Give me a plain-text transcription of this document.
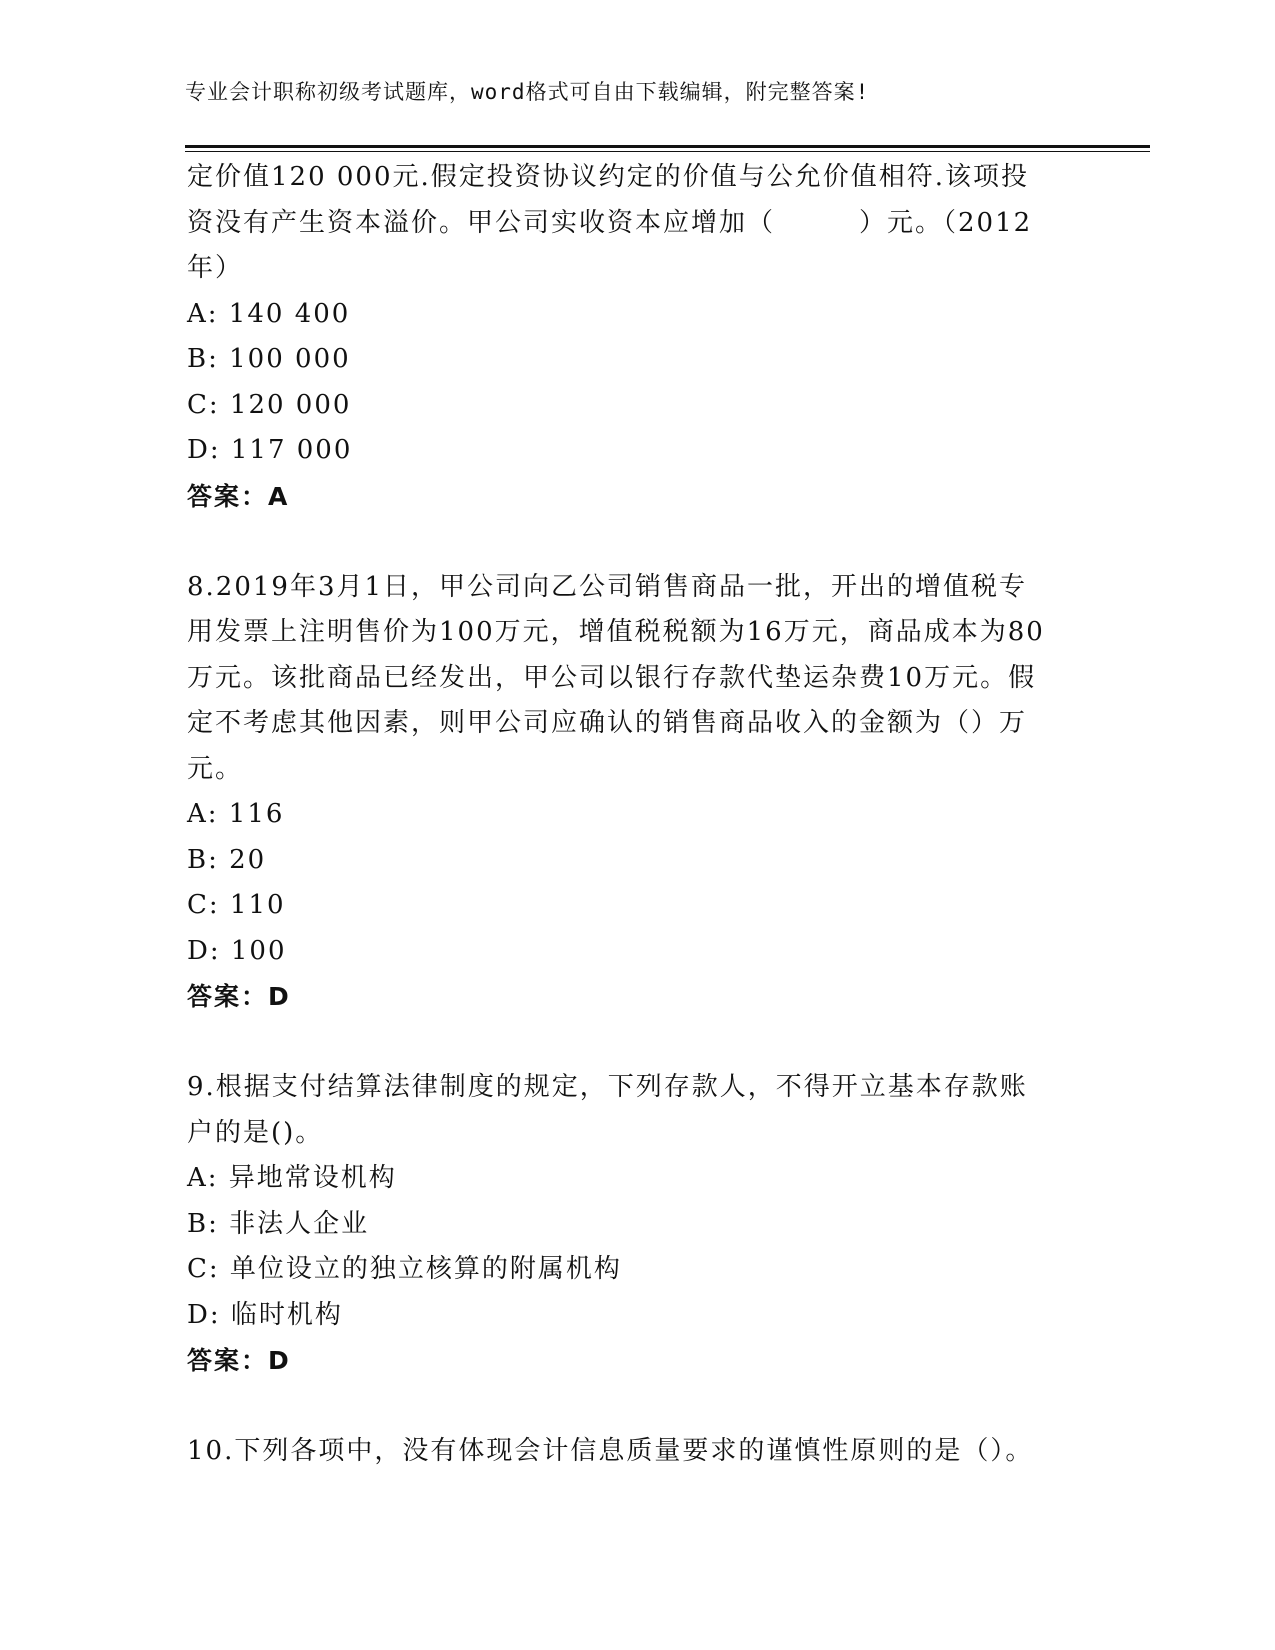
专业会计职称初级考试题库，word格式可自由下载编辑，附完整答案!
定价值120 000元.假定投资协议约定的价值与公允价值相符.该项投
资没有产生资本溢价。甲公司实收资本应增加（　　　）元。（2012
年）
A: 140 400
B: 100 000
C: 120 000
D: 117 000
答案：A
8.2019年3月1日，甲公司向乙公司销售商品一批，开出的增值税专
用发票上注明售价为100万元，增值税税额为16万元，商品成本为80
万元。该批商品已经发出，甲公司以银行存款代垫运杂费10万元。假
定不考虑其他因素，则甲公司应确认的销售商品收入的金额为（）万
元。
A: 116
B: 20
C: 110
D: 100
答案：D
9.根据支付结算法律制度的规定，下列存款人，不得开立基本存款账
户的是()。
A: 异地常设机构
B: 非法人企业
C: 单位设立的独立核算的附属机构
D: 临时机构
答案：D
10.下列各项中，没有体现会计信息质量要求的谨慎性原则的是（）。
